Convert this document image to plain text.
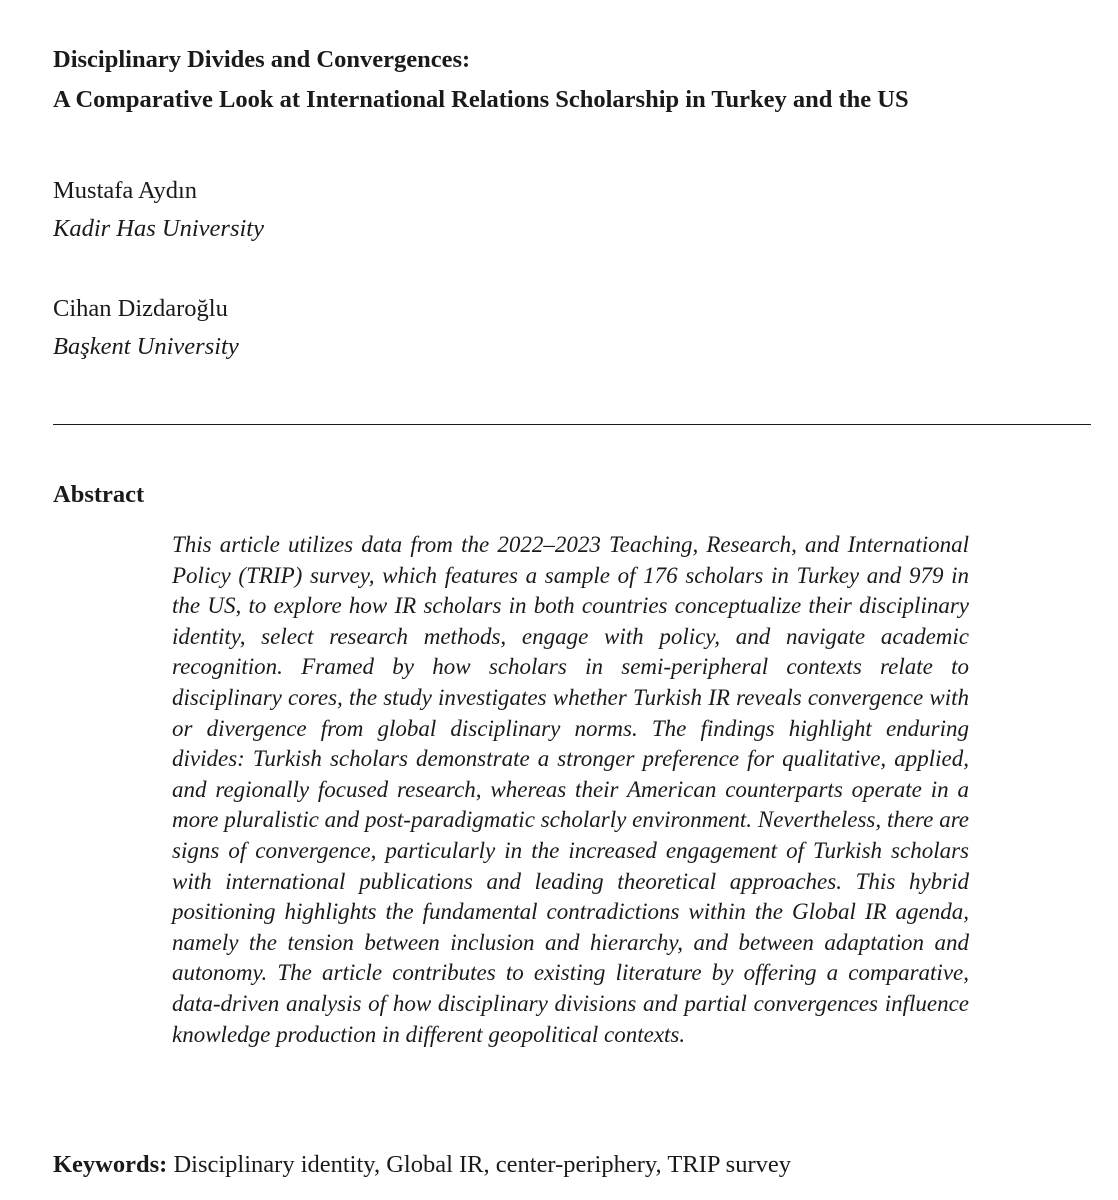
Disciplinary Divides and Convergences:
A Comparative Look at International Relations Scholarship in Turkey and the US
Mustafa Aydın
Kadir Has University
Cihan Dizdaroğlu
Başkent University
Abstract

This article utilizes data from the 2022–2023 Teaching, Research, and International Policy (TRIP) survey, which features a sample of 176 scholars in Turkey and 979 in the US, to explore how IR scholars in both countries conceptualize their disciplinary identity, select research methods, engage with policy, and navigate academic recognition. Framed by how scholars in semi-peripheral contexts relate to disciplinary cores, the study investigates whether Turkish IR reveals convergence with or divergence from global disciplinary norms. The findings highlight enduring divides: Turkish scholars demonstrate a stronger preference for qualitative, applied, and regionally focused research, whereas their American counterparts operate in a more pluralistic and post-paradigmatic scholarly environment. Nevertheless, there are signs of convergence, particularly in the increased engagement of Turkish scholars with international publications and leading theoretical approaches. This hybrid positioning highlights the fundamental contradictions within the Global IR agenda, namely the tension between inclusion and hierarchy, and between adaptation and autonomy. The article contributes to existing literature by offering a comparative, data-driven analysis of how disciplinary divisions and partial convergences influence knowledge production in different geopolitical contexts.

Keywords: Disciplinary identity, Global IR, center-periphery, TRIP survey
